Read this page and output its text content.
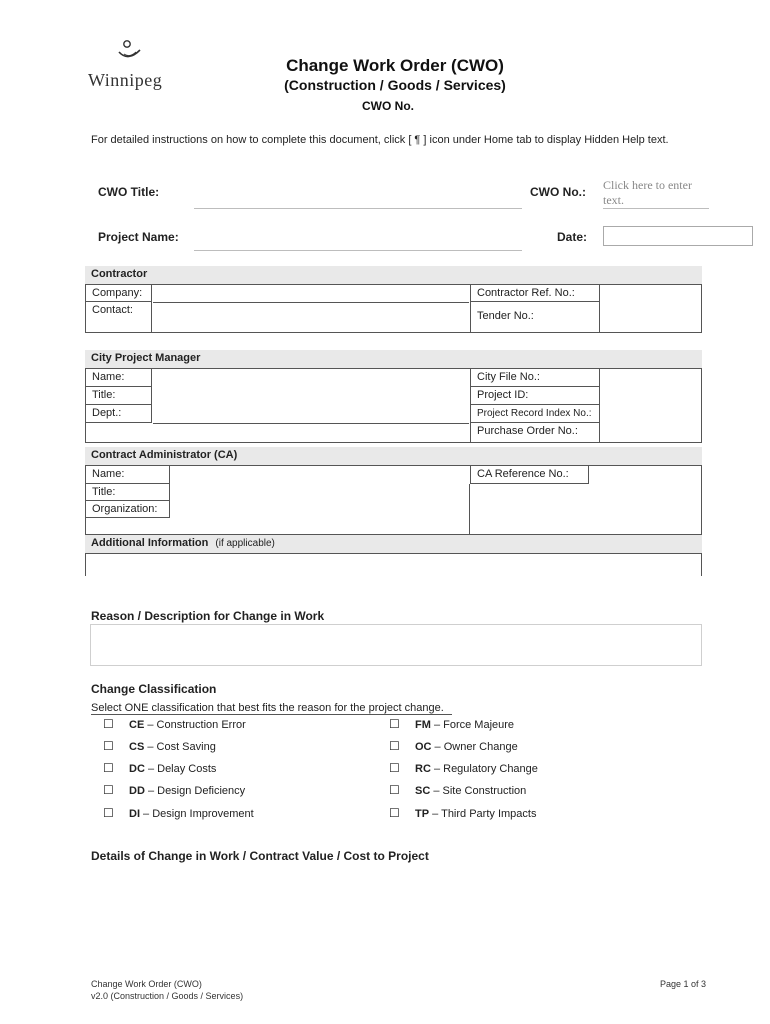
Winnipeg
Change Work Order (CWO)
(Construction / Goods / Services)
CWO No.
For detailed instructions on how to complete this document, click [ ¶ ] icon under Home tab to display Hidden Help text.
CWO Title:	CWO No.: Click here to enter text.
Project Name:	Date:
Contractor
Company:
Contact:
Contractor Ref. No.:
Tender No.:
City Project Manager
Name:
Title:
Dept.:
City File No.:
Project ID:
Project Record Index No.:
Purchase Order No.:
Contract Administrator (CA)
Name:
Title:
Organization:
CA Reference No.:
Additional Information (if applicable)
Reason / Description for Change in Work
Change Classification
Select ONE classification that best fits the reason for the project change.
☐ CE – Construction Error
☐ CS – Cost Saving
☐ DC – Delay Costs
☐ DD – Design Deficiency
☐ DI – Design Improvement
☐ FM – Force Majeure
☐ OC – Owner Change
☐ RC – Regulatory Change
☐ SC – Site Construction
☐ TP – Third Party Impacts
Details of Change in Work / Contract Value / Cost to Project
Change Work Order (CWO)
v2.0 (Construction / Goods / Services)
Page 1 of 3
